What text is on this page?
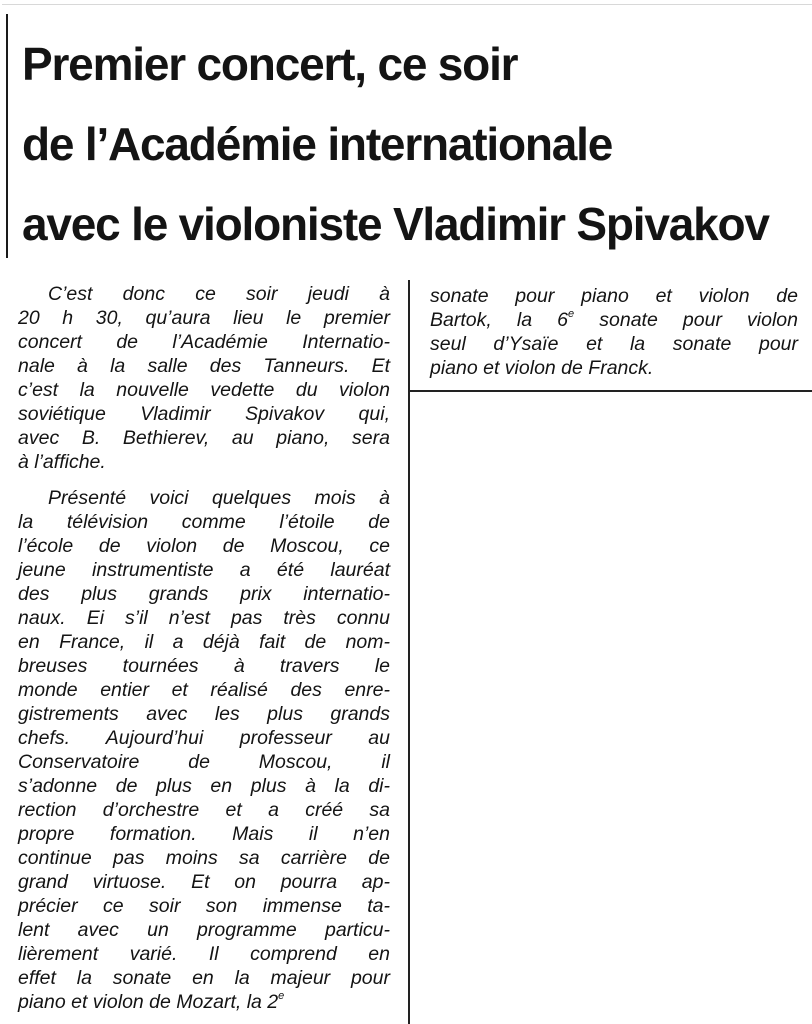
Premier concert, ce soir
de l’Académie internationale
avec le violoniste Vladimir Spivakov
C’est donc ce soir jeudi à
20 h 30, qu’aura lieu le premier
concert de l’Académie Internatio-
nale à la salle des Tanneurs. Et
c’est la nouvelle vedette du violon
soviétique Vladimir Spivakov qui,
avec B. Bethierev, au piano, sera
à l’affiche.
Présenté voici quelques mois à
la télévision comme l’étoile de
l’école de violon de Moscou, ce
jeune instrumentiste a été lauréat
des plus grands prix internatio-
naux. Ei s’il n’est pas très connu
en France, il a déjà fait de nom-
breuses tournées à travers le
monde entier et réalisé des enre-
gistrements avec les plus grands
chefs. Aujourd’hui professeur au
Conservatoire de Moscou, il
s’adonne de plus en plus à la di-
rection d’orchestre et a créé sa
propre formation. Mais il n’en
continue pas moins sa carrière de
grand virtuose. Et on pourra ap-
précier ce soir son immense ta-
lent avec un programme particu-
lièrement varié. Il comprend en
effet la sonate en la majeur pour
piano et violon de Mozart, la 2e
sonate pour piano et violon de
Bartok, la 6e sonate pour violon
seul d’Ysaïe et la sonate pour
piano et violon de Franck.
